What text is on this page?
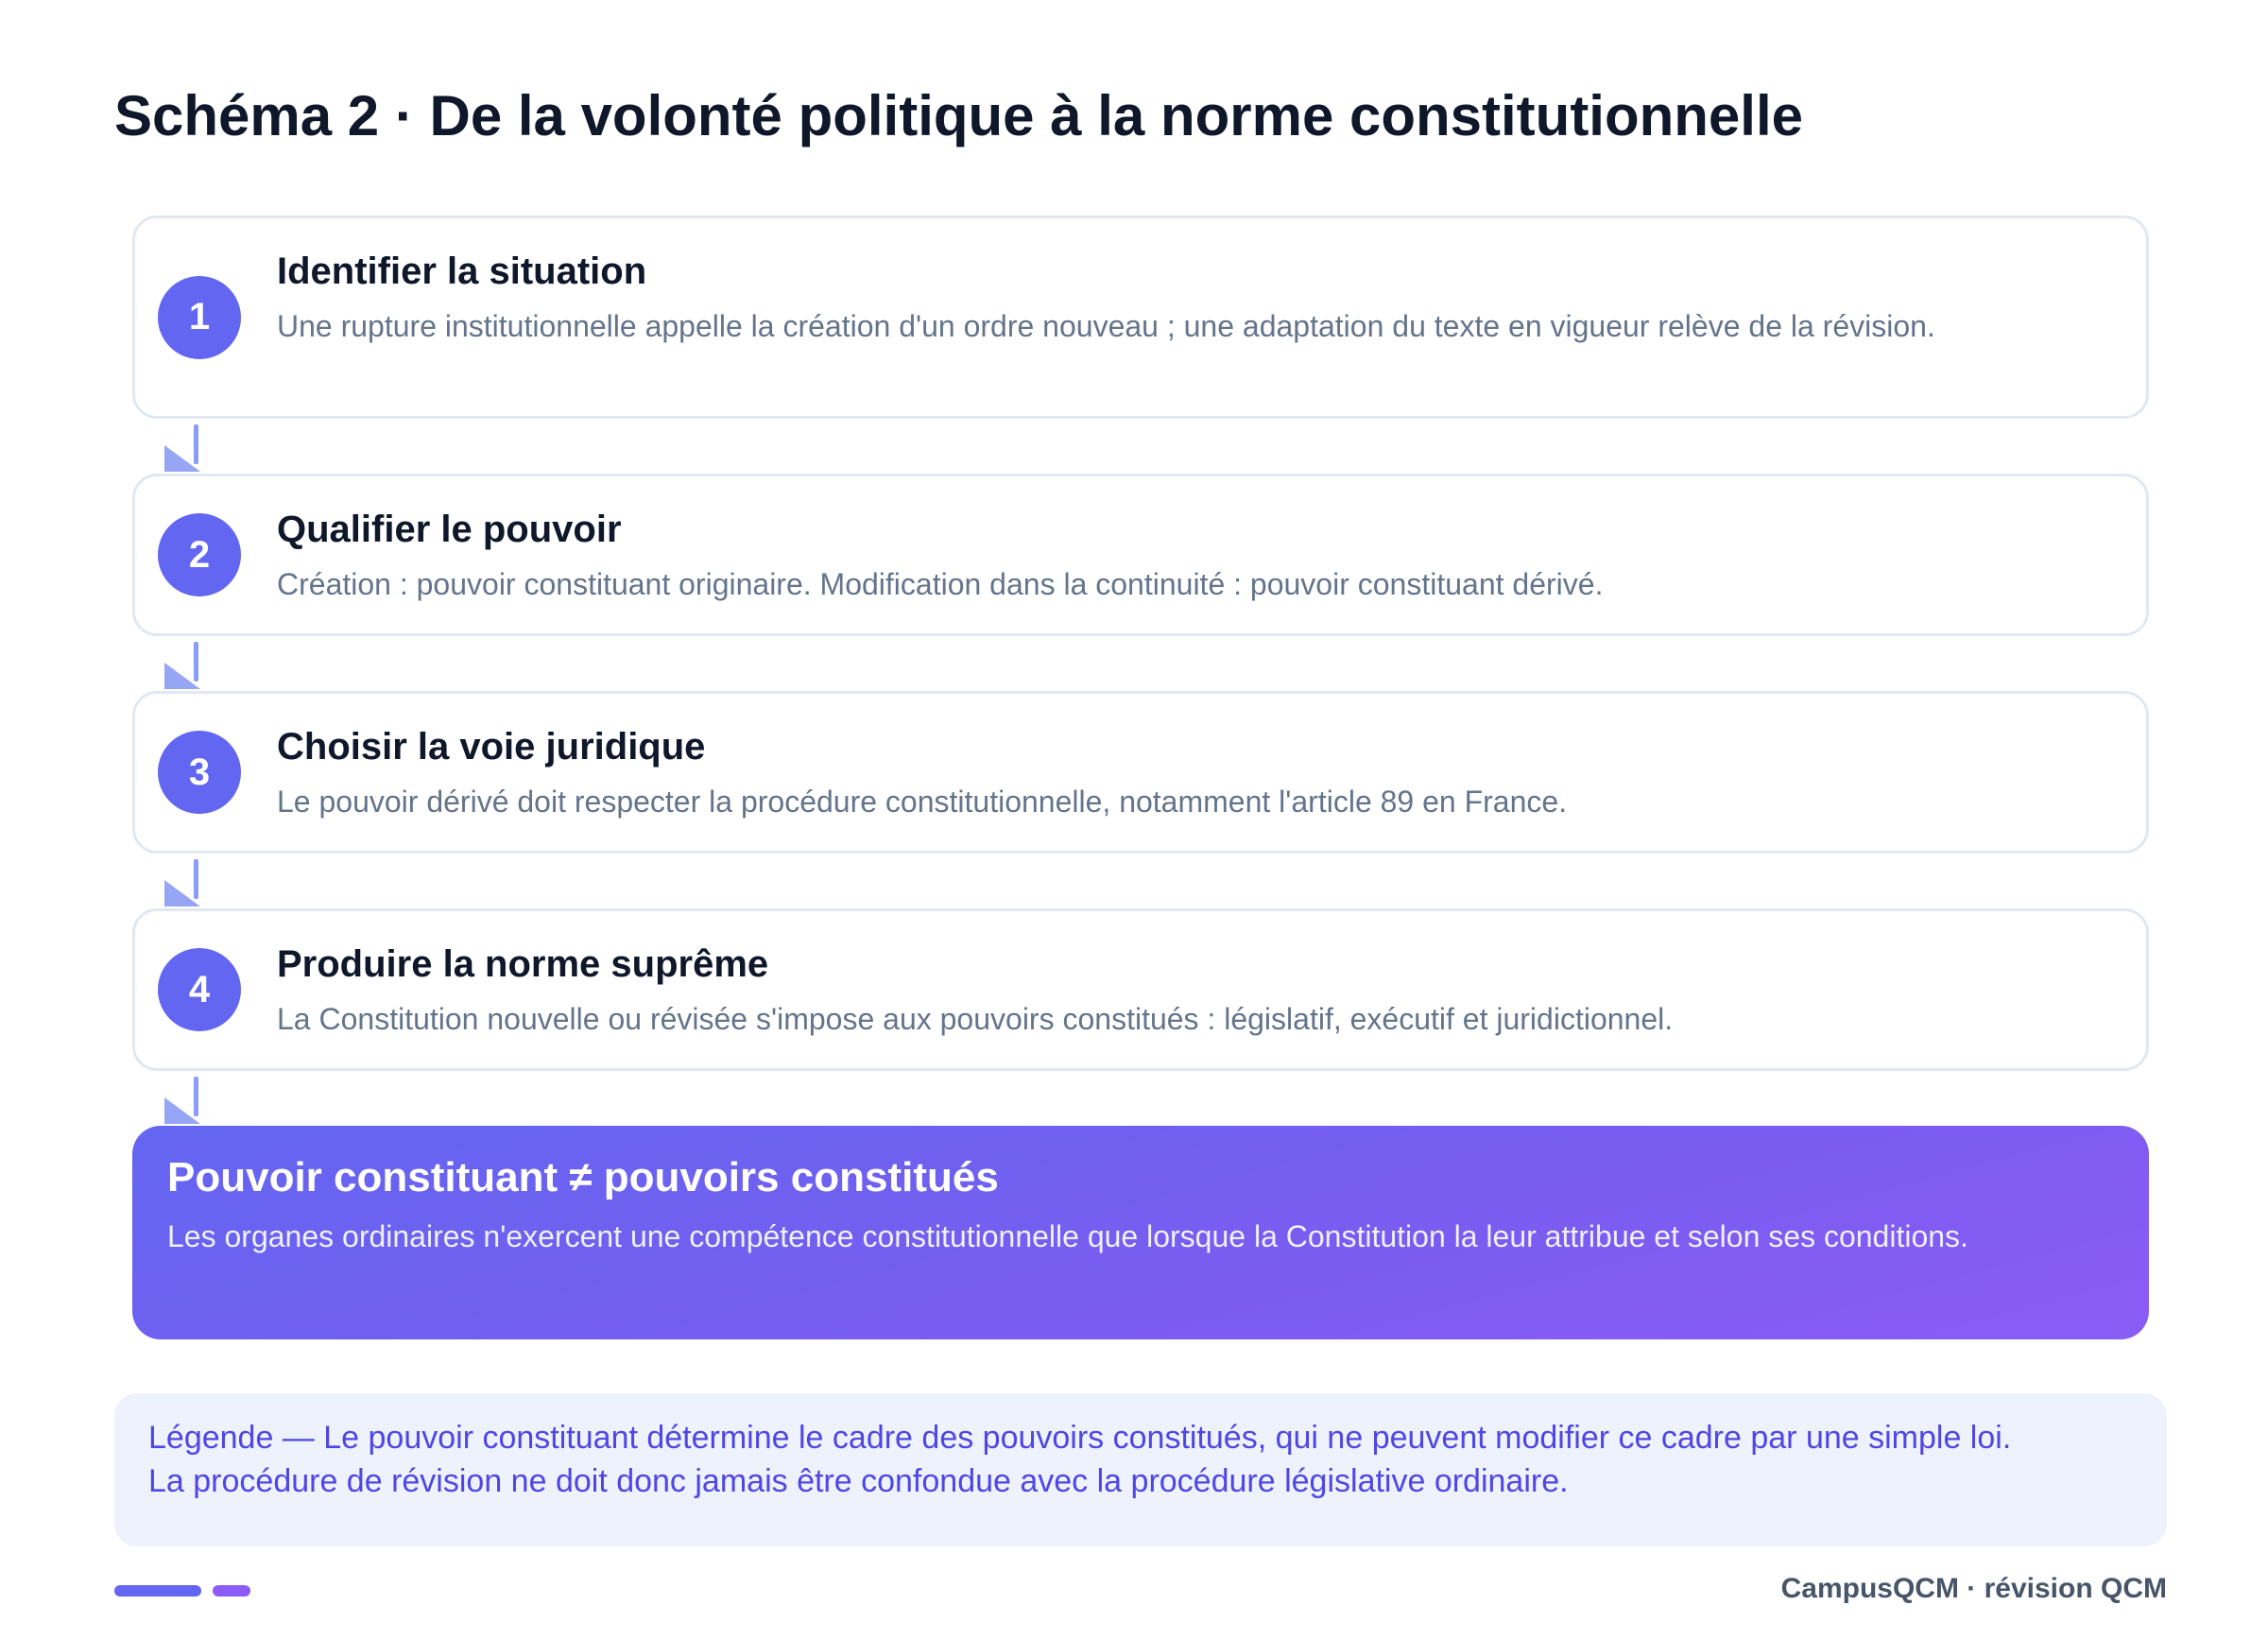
Schéma 2 · De la volonté politique à la norme constitutionnelle
1
Identifier la situation

Une rupture institutionnelle appelle la création d'un ordre nouveau ; une adaptation du texte en vigueur relève de la révision.

2
Qualifier le pouvoir

Création : pouvoir constituant originaire. Modification dans la continuité : pouvoir constituant dérivé.

3
Choisir la voie juridique

Le pouvoir dérivé doit respecter la procédure constitutionnelle, notamment l'article 89 en France.

4
Produire la norme suprême

La Constitution nouvelle ou révisée s'impose aux pouvoirs constitués : législatif, exécutif et juridictionnel.

Pouvoir constituant ≠ pouvoirs constitués

Les organes ordinaires n'exercent une compétence constitutionnelle que lorsque la Constitution la leur attribue et selon ses conditions.

Légende — Le pouvoir constituant détermine le cadre des pouvoirs constitués, qui ne peuvent modifier ce cadre par une simple loi. La procédure de révision ne doit donc jamais être confondue avec la procédure législative ordinaire.

CampusQCM · révision QCM
